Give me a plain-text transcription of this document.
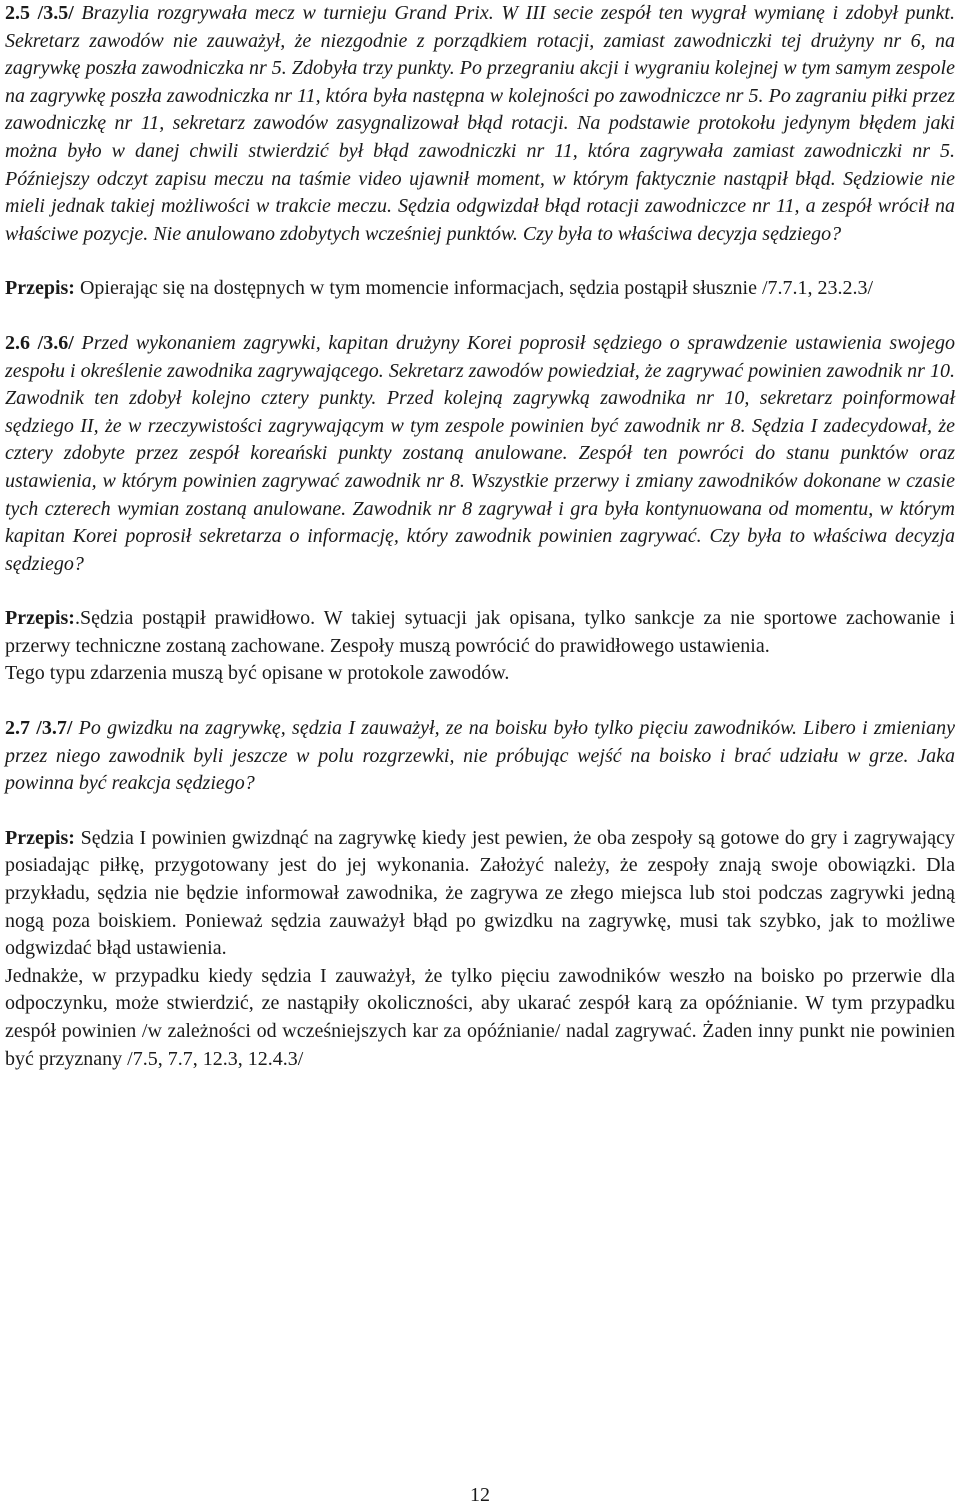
2.5 /3.5/ Brazylia rozgrywała mecz w turnieju Grand Prix. W III secie zespół ten wygrał wymianę i zdobył punkt. Sekretarz zawodów nie zauważył, że niezgodnie z porządkiem rotacji, zamiast zawodniczki tej drużyny nr 6, na zagrywkę poszła zawodniczka nr 5. Zdobyła trzy punkty. Po przegraniu akcji i wygraniu kolejnej w tym samym zespole na zagrywkę poszła zawodniczka nr 11, która była następna w kolejności po zawodniczce nr 5. Po zagraniu piłki przez zawodniczkę nr 11, sekretarz zawodów zasygnalizował błąd rotacji. Na podstawie protokołu jedynym błędem jaki można było w danej chwili stwierdzić był błąd zawodniczki nr 11, która zagrywała zamiast zawodniczki nr 5. Późniejszy odczyt zapisu meczu na taśmie video ujawnił moment, w którym faktycznie nastąpił błąd. Sędziowie nie mieli jednak takiej możliwości w trakcie meczu. Sędzia odgwizdał błąd rotacji zawodniczce nr 11, a zespół wrócił na właściwe pozycje. Nie anulowano zdobytych wcześniej punktów. Czy była to właściwa decyzja sędziego?

Przepis: Opierając się na dostępnych w tym momencie informacjach, sędzia postąpił słusznie /7.7.1, 23.2.3/

2.6 /3.6/ Przed wykonaniem zagrywki, kapitan drużyny Korei poprosił sędziego o sprawdzenie ustawienia swojego zespołu i określenie zawodnika zagrywającego. Sekretarz zawodów powiedział, że zagrywać powinien zawodnik nr 10. Zawodnik ten zdobył kolejno cztery punkty. Przed kolejną zagrywką zawodnika nr 10, sekretarz poinformował sędziego II, że w rzeczywistości zagrywającym w tym zespole powinien być zawodnik nr 8. Sędzia I zadecydował, że cztery zdobyte przez zespół koreański punkty zostaną anulowane. Zespół ten powróci do stanu punktów oraz ustawienia, w którym powinien zagrywać zawodnik nr 8. Wszystkie przerwy i zmiany zawodników dokonane w czasie tych czterech wymian zostaną anulowane. Zawodnik nr 8 zagrywał i gra była kontynuowana od momentu, w którym kapitan Korei poprosił sekretarza o informację, który zawodnik powinien zagrywać. Czy była to właściwa decyzja sędziego?

Przepis:.Sędzia postąpił prawidłowo. W takiej sytuacji jak opisana, tylko sankcje za nie sportowe zachowanie i przerwy techniczne zostaną zachowane. Zespoły muszą powrócić do prawidłowego ustawienia.

Tego typu zdarzenia muszą być opisane w protokole zawodów.

2.7 /3.7/ Po gwizdku na zagrywkę, sędzia I zauważył, ze na boisku było tylko pięciu zawodników. Libero i zmieniany przez niego zawodnik byli jeszcze w polu rozgrzewki, nie próbując wejść na boisko i brać udziału w grze. Jaka powinna być reakcja sędziego?

Przepis: Sędzia I powinien gwizdnąć na zagrywkę kiedy jest pewien, że oba zespoły są gotowe do gry i zagrywający posiadając piłkę, przygotowany jest do jej wykonania. Założyć należy, że zespoły znają swoje obowiązki. Dla przykładu, sędzia nie będzie informował zawodnika, że zagrywa ze złego miejsca lub stoi podczas zagrywki jedną nogą poza boiskiem. Ponieważ sędzia zauważył błąd po gwizdku na zagrywkę, musi tak szybko, jak to możliwe odgwizdać błąd ustawienia.

Jednakże, w przypadku kiedy sędzia I zauważył, że tylko pięciu zawodników weszło na boisko po przerwie dla odpoczynku, może stwierdzić, ze nastąpiły okoliczności, aby ukarać zespół karą za opóźnianie. W tym przypadku zespół powinien /w zależności od wcześniejszych kar za opóźnianie/ nadal zagrywać. Żaden inny punkt nie powinien być przyznany /7.5, 7.7, 12.3, 12.4.3/

12
